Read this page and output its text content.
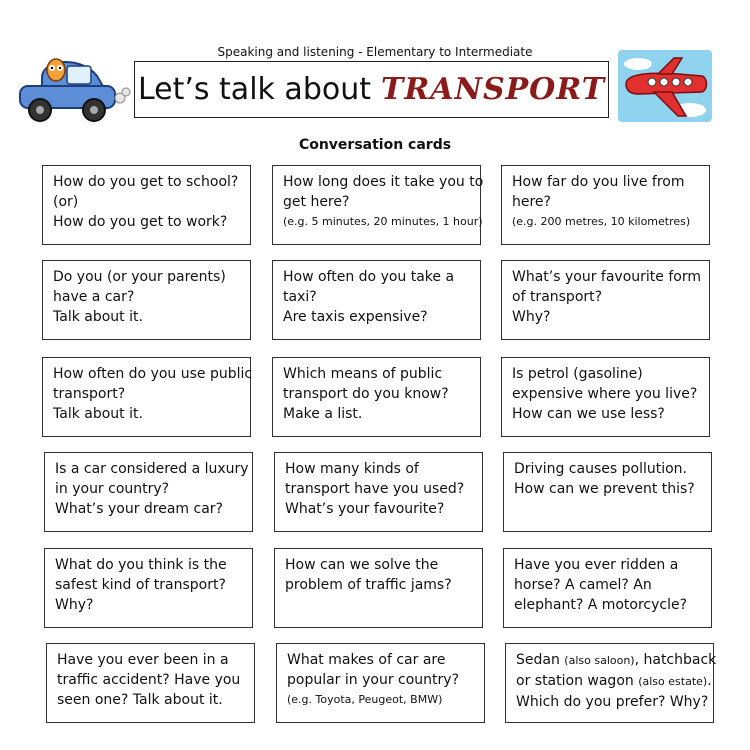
Speaking and listening - Elementary to Intermediate
Let’s talk about TRANSPORT
Conversation cards
How do you get to school?
(or)
How do you get to work?
How long does it take you to
get here?
(e.g. 5 minutes, 20 minutes, 1 hour)
How far do you live from
here?
(e.g. 200 metres, 10 kilometres)
Do you (or your parents)
have a car?
Talk about it.
How often do you take a
taxi?
Are taxis expensive?
What’s your favourite form
of transport?
Why?
How often do you use public
transport?
Talk about it.
Which means of public
transport do you know?
Make a list.
Is petrol (gasoline)
expensive where you live?
How can we use less?
Is a car considered a luxury
in your country?
What’s your dream car?
How many kinds of
transport have you used?
What’s your favourite?
Driving causes pollution.
How can we prevent this?
What do you think is the
safest kind of transport?
Why?
How can we solve the
problem of traffic jams?
Have you ever ridden a
horse? A camel? An
elephant? A motorcycle?
Have you ever been in a
traffic accident? Have you
seen one? Talk about it.
What makes of car are
popular in your country?
(e.g. Toyota, Peugeot, BMW)
Sedan (also saloon), hatchback
or station wagon (also estate).
Which do you prefer? Why?
